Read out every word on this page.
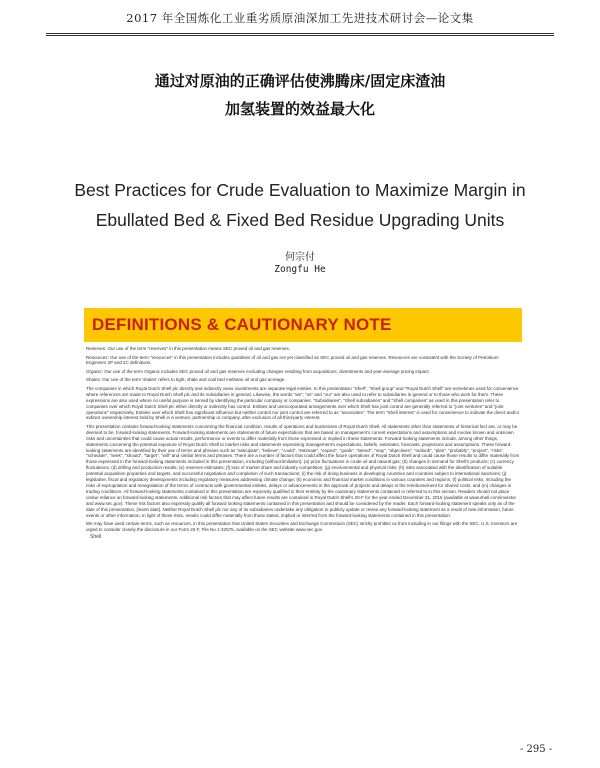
2017 年全国炼化工业重劣质原油深加工先进技术研讨会—论文集
通过对原油的正确评估使沸腾床/固定床渣油
加氢装置的效益最大化
Best Practices for Crude Evaluation to Maximize Margin in
Ebullated Bed & Fixed Bed Residue Upgrading Units
何宗付
Zongfu He
DEFINITIONS & CAUTIONARY NOTE

Reserves: Our use of the term "reserves" in this presentation means SEC proved oil and gas reserves.

Resources: Our use of the term "resources" in this presentation includes quantities of oil and gas not yet classified as SEC proved oil and gas reserves. Resources are consistent with the Society of Petroleum Engineers 2P and 2C definitions.

Organic: Our use of the term Organic includes SEC proved oil and gas reserves excluding changes resulting from acquisitions, divestments and year-average pricing impact.

Shales: Our use of the term 'shales' refers to tight, shale and coal bed methane oil and gas acreage.

The companies in which Royal Dutch Shell plc directly and indirectly owns investments are separate legal entities. In this presentation "Shell", "Shell group" and "Royal Dutch Shell" are sometimes used for convenience where references are made to Royal Dutch Shell plc and its subsidiaries in general. Likewise, the words "we", "us" and "our" are also used to refer to subsidiaries in general or to those who work for them. These expressions are also used where no useful purpose is served by identifying the particular company or companies. "Subsidiaries", "Shell subsidiaries" and "Shell companies" as used in this presentation refer to companies over which Royal Dutch Shell plc either directly or indirectly has control. Entities and unincorporated arrangements over which Shell has joint control are generally referred to "joint ventures" and "joint operations" respectively. Entities over which Shell has significant influence but neither control nor joint control are referred to as "associates". The term "Shell interest" is used for convenience to indicate the direct and/or indirect ownership interest held by Shell in a venture, partnership or company, after exclusion of all third-party interest.

This presentation contains forward-looking statements concerning the financial condition, results of operations and businesses of Royal Dutch Shell. All statements other than statements of historical fact are, or may be deemed to be, forward-looking statements. Forward-looking statements are statements of future expectations that are based on management's current expectations and assumptions and involve known and unknown risks and uncertainties that could cause actual results, performance or events to differ materially from those expressed or implied in these statements. Forward-looking statements include, among other things, statements concerning the potential exposure of Royal Dutch Shell to market risks and statements expressing management's expectations, beliefs, estimates, forecasts, projections and assumptions. These forward-looking statements are identified by their use of terms and phrases such as "anticipate", "believe", "could", "estimate", "expect", "goals", "intend", "may", "objectives", "outlook", "plan", "probably", "project", "risks", "schedule", "seek", "should", "target", "will" and similar terms and phrases. There are a number of factors that could affect the future operations of Royal Dutch Shell and could cause those results to differ materially from those expressed in the forward-looking statements included in this presentation, including (without limitation): (a) price fluctuations in crude oil and natural gas; (b) changes in demand for Shell's products; (c) currency fluctuations; (d) drilling and production results; (e) reserves estimates; (f) loss of market share and industry competition; (g) environmental and physical risks; (h) risks associated with the identification of suitable potential acquisition properties and targets, and successful negotiation and completion of such transactions; (i) the risk of doing business in developing countries and countries subject to international sanctions; (j) legislative, fiscal and regulatory developments including regulatory measures addressing climate change; (k) economic and financial market conditions in various countries and regions; (l) political risks, including the risks of expropriation and renegotiation of the terms of contracts with governmental entities, delays or advancements in the approval of projects and delays in the reimbursement for shared costs; and (m) changes in trading conditions. All forward-looking statements contained in this presentation are expressly qualified in their entirety by the cautionary statements contained or referred to in this section. Readers should not place undue reliance on forward-looking statements. Additional risk factors that may affect future results are contained in Royal Dutch Shell's 20-F for the year ended December 31, 2015 (available at www.shell.com/investor and www.sec.gov). These risk factors also expressly qualify all forward looking statements contained in this presentation and should be considered by the reader. Each forward-looking statement speaks only as of the date of this presentation, [insert date]. Neither Royal Dutch Shell plc nor any of its subsidiaries undertake any obligation to publicly update or revise any forward-looking statement as a result of new information, future events or other information. In light of these risks, results could differ materially from those stated, implied or inferred from the forward-looking statements contained in this presentation.

We may have used certain terms, such as resources, in this presentation that United States Securities and Exchange Commission (SEC) strictly prohibits us from including in our filings with the SEC. U.S. Investors are urged to consider closely the disclosure in our Form 20-F, File No 1-32575, available on the SEC website www.sec.gov.

Shell
- 295 -
